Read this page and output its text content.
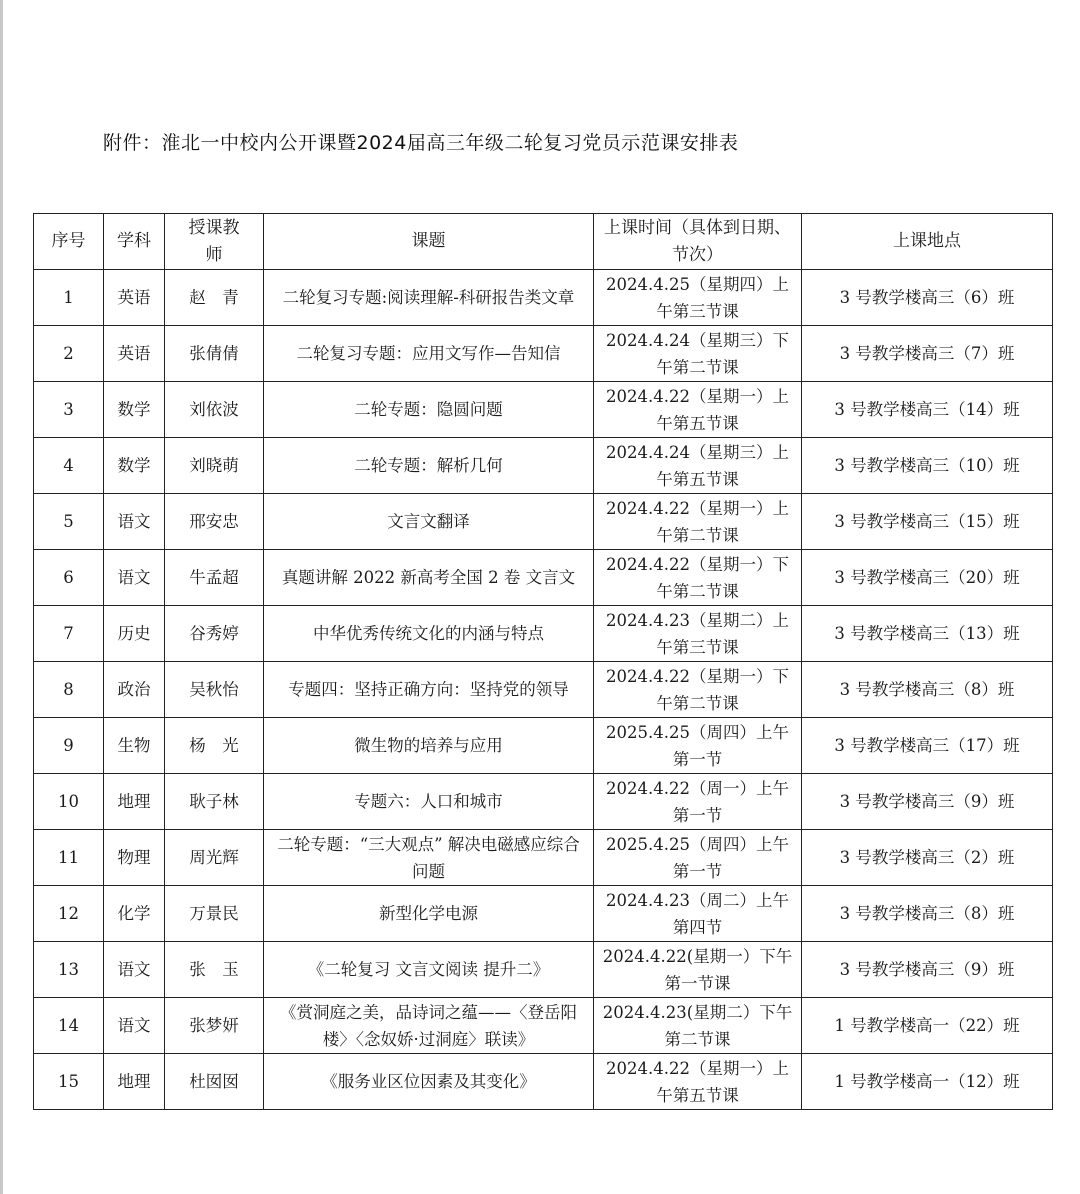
附件：淮北一中校内公开课暨2024届高三年级二轮复习党员示范课安排表
序号	学科	授课教师	课题	上课时间（具体到日期、节次）	上课地点
1	英语	赵　青	二轮复习专题:阅读理解-科研报告类文章	2024.4.25（星期四）上午第三节课	3 号教学楼高三（6）班
2	英语	张倩倩	二轮复习专题：应用文写作—告知信	2024.4.24（星期三）下午第二节课	3 号教学楼高三（7）班
3	数学	刘依波	二轮专题：隐圆问题	2024.4.22（星期一）上午第五节课	3 号教学楼高三（14）班
4	数学	刘晓萌	二轮专题：解析几何	2024.4.24（星期三）上午第五节课	3 号教学楼高三（10）班
5	语文	邢安忠	文言文翻译	2024.4.22（星期一）上午第二节课	3 号教学楼高三（15）班
6	语文	牛孟超	真题讲解 2022 新高考全国 2 卷 文言文	2024.4.22（星期一）下午第二节课	3 号教学楼高三（20）班
7	历史	谷秀婷	中华优秀传统文化的内涵与特点	2024.4.23（星期二）上午第三节课	3 号教学楼高三（13）班
8	政治	吴秋怡	专题四：坚持正确方向：坚持党的领导	2024.4.22（星期一）下午第二节课	3 号教学楼高三（8）班
9	生物	杨　光	微生物的培养与应用	2025.4.25（周四）上午第一节	3 号教学楼高三（17）班
10	地理	耿子林	专题六：人口和城市	2024.4.22（周一）上午第一节	3 号教学楼高三（9）班
11	物理	周光辉	二轮专题：“三大观点” 解决电磁感应综合问题	2025.4.25（周四）上午第一节	3 号教学楼高三（2）班
12	化学	万景民	新型化学电源	2024.4.23（周二）上午第四节	3 号教学楼高三（8）班
13	语文	张　玉	《二轮复习 文言文阅读 提升二》	2024.4.22(星期一）下午第一节课	3 号教学楼高三（9）班
14	语文	张梦妍	《赏洞庭之美，品诗词之蕴——〈登岳阳楼〉〈念奴娇·过洞庭〉联读》	2024.4.23(星期二）下午第二节课	1 号教学楼高一（22）班
15	地理	杜囡囡	《服务业区位因素及其变化》	2024.4.22（星期一）上午第五节课	1 号教学楼高一（12）班
